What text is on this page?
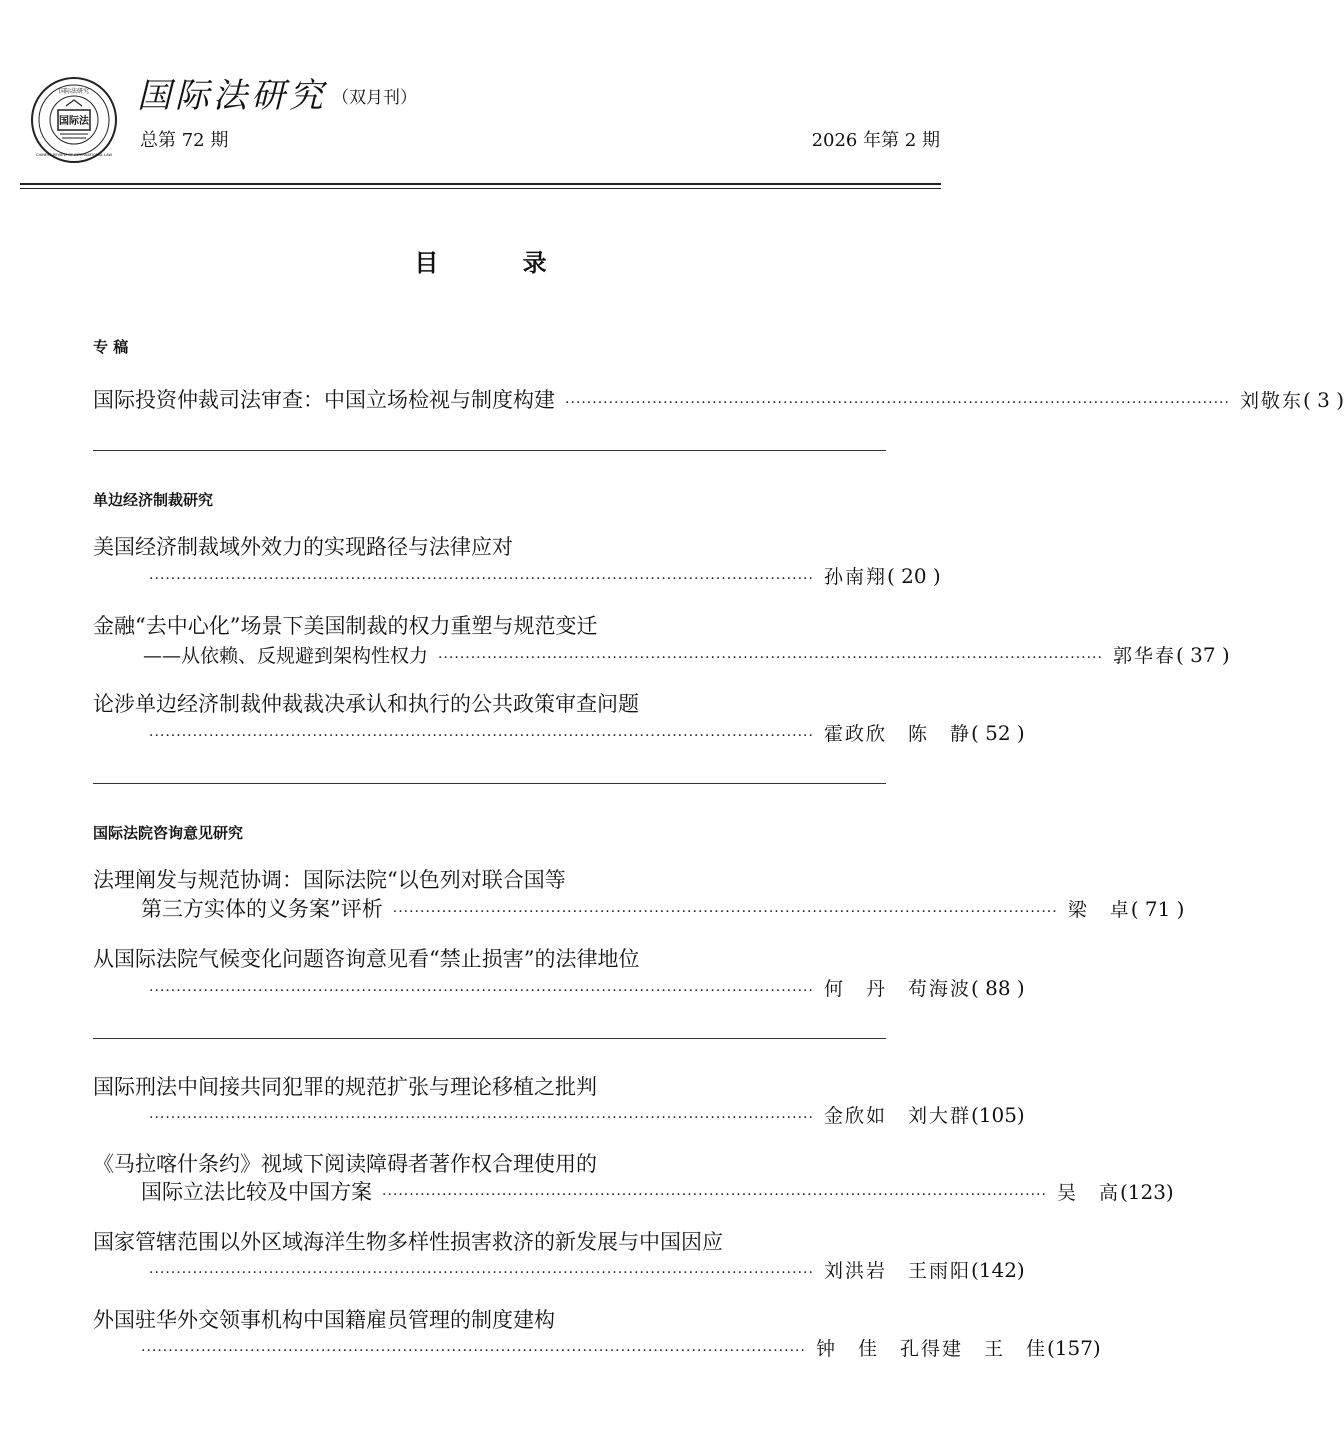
国际法
国际法研究
CHINESE REVIEW OF INTERNATIONAL LAW
国际法研究 （双月刊）
总第 72 期	2026 年第 2 期
目 录
专 稿
国际投资仲裁司法审查：中国立场检视与制度构建 ·························································································································· 刘敬东 ( 3 )
单边经济制裁研究
美国经济制裁域外效力的实现路径与法律应对
·························································································································· 孙南翔 ( 20 )
金融“去中心化”场景下美国制裁的权力重塑与规范变迁
——从依赖、反规避到架构性权力 ·························································································································· 郭华春 ( 37 )
论涉单边经济制裁仲裁裁决承认和执行的公共政策审查问题
·························································································································· 霍政欣　陈　静 ( 52 )
国际法院咨询意见研究
法理阐发与规范协调：国际法院“以色列对联合国等
第三方实体的义务案”评析 ·························································································································· 梁　卓 ( 71 )
从国际法院气候变化问题咨询意见看“禁止损害”的法律地位
·························································································································· 何　丹　苟海波 ( 88 )
国际刑法中间接共同犯罪的规范扩张与理论移植之批判
·························································································································· 金欣如　刘大群 (105)
《马拉喀什条约》视域下阅读障碍者著作权合理使用的
国际立法比较及中国方案 ·························································································································· 吴　高 (123)
国家管辖范围以外区域海洋生物多样性损害救济的新发展与中国因应
·························································································································· 刘洪岩　王雨阳 (142)
外国驻华外交领事机构中国籍雇员管理的制度建构
·························································································································· 钟　佳　孔得建　王　佳 (157)
